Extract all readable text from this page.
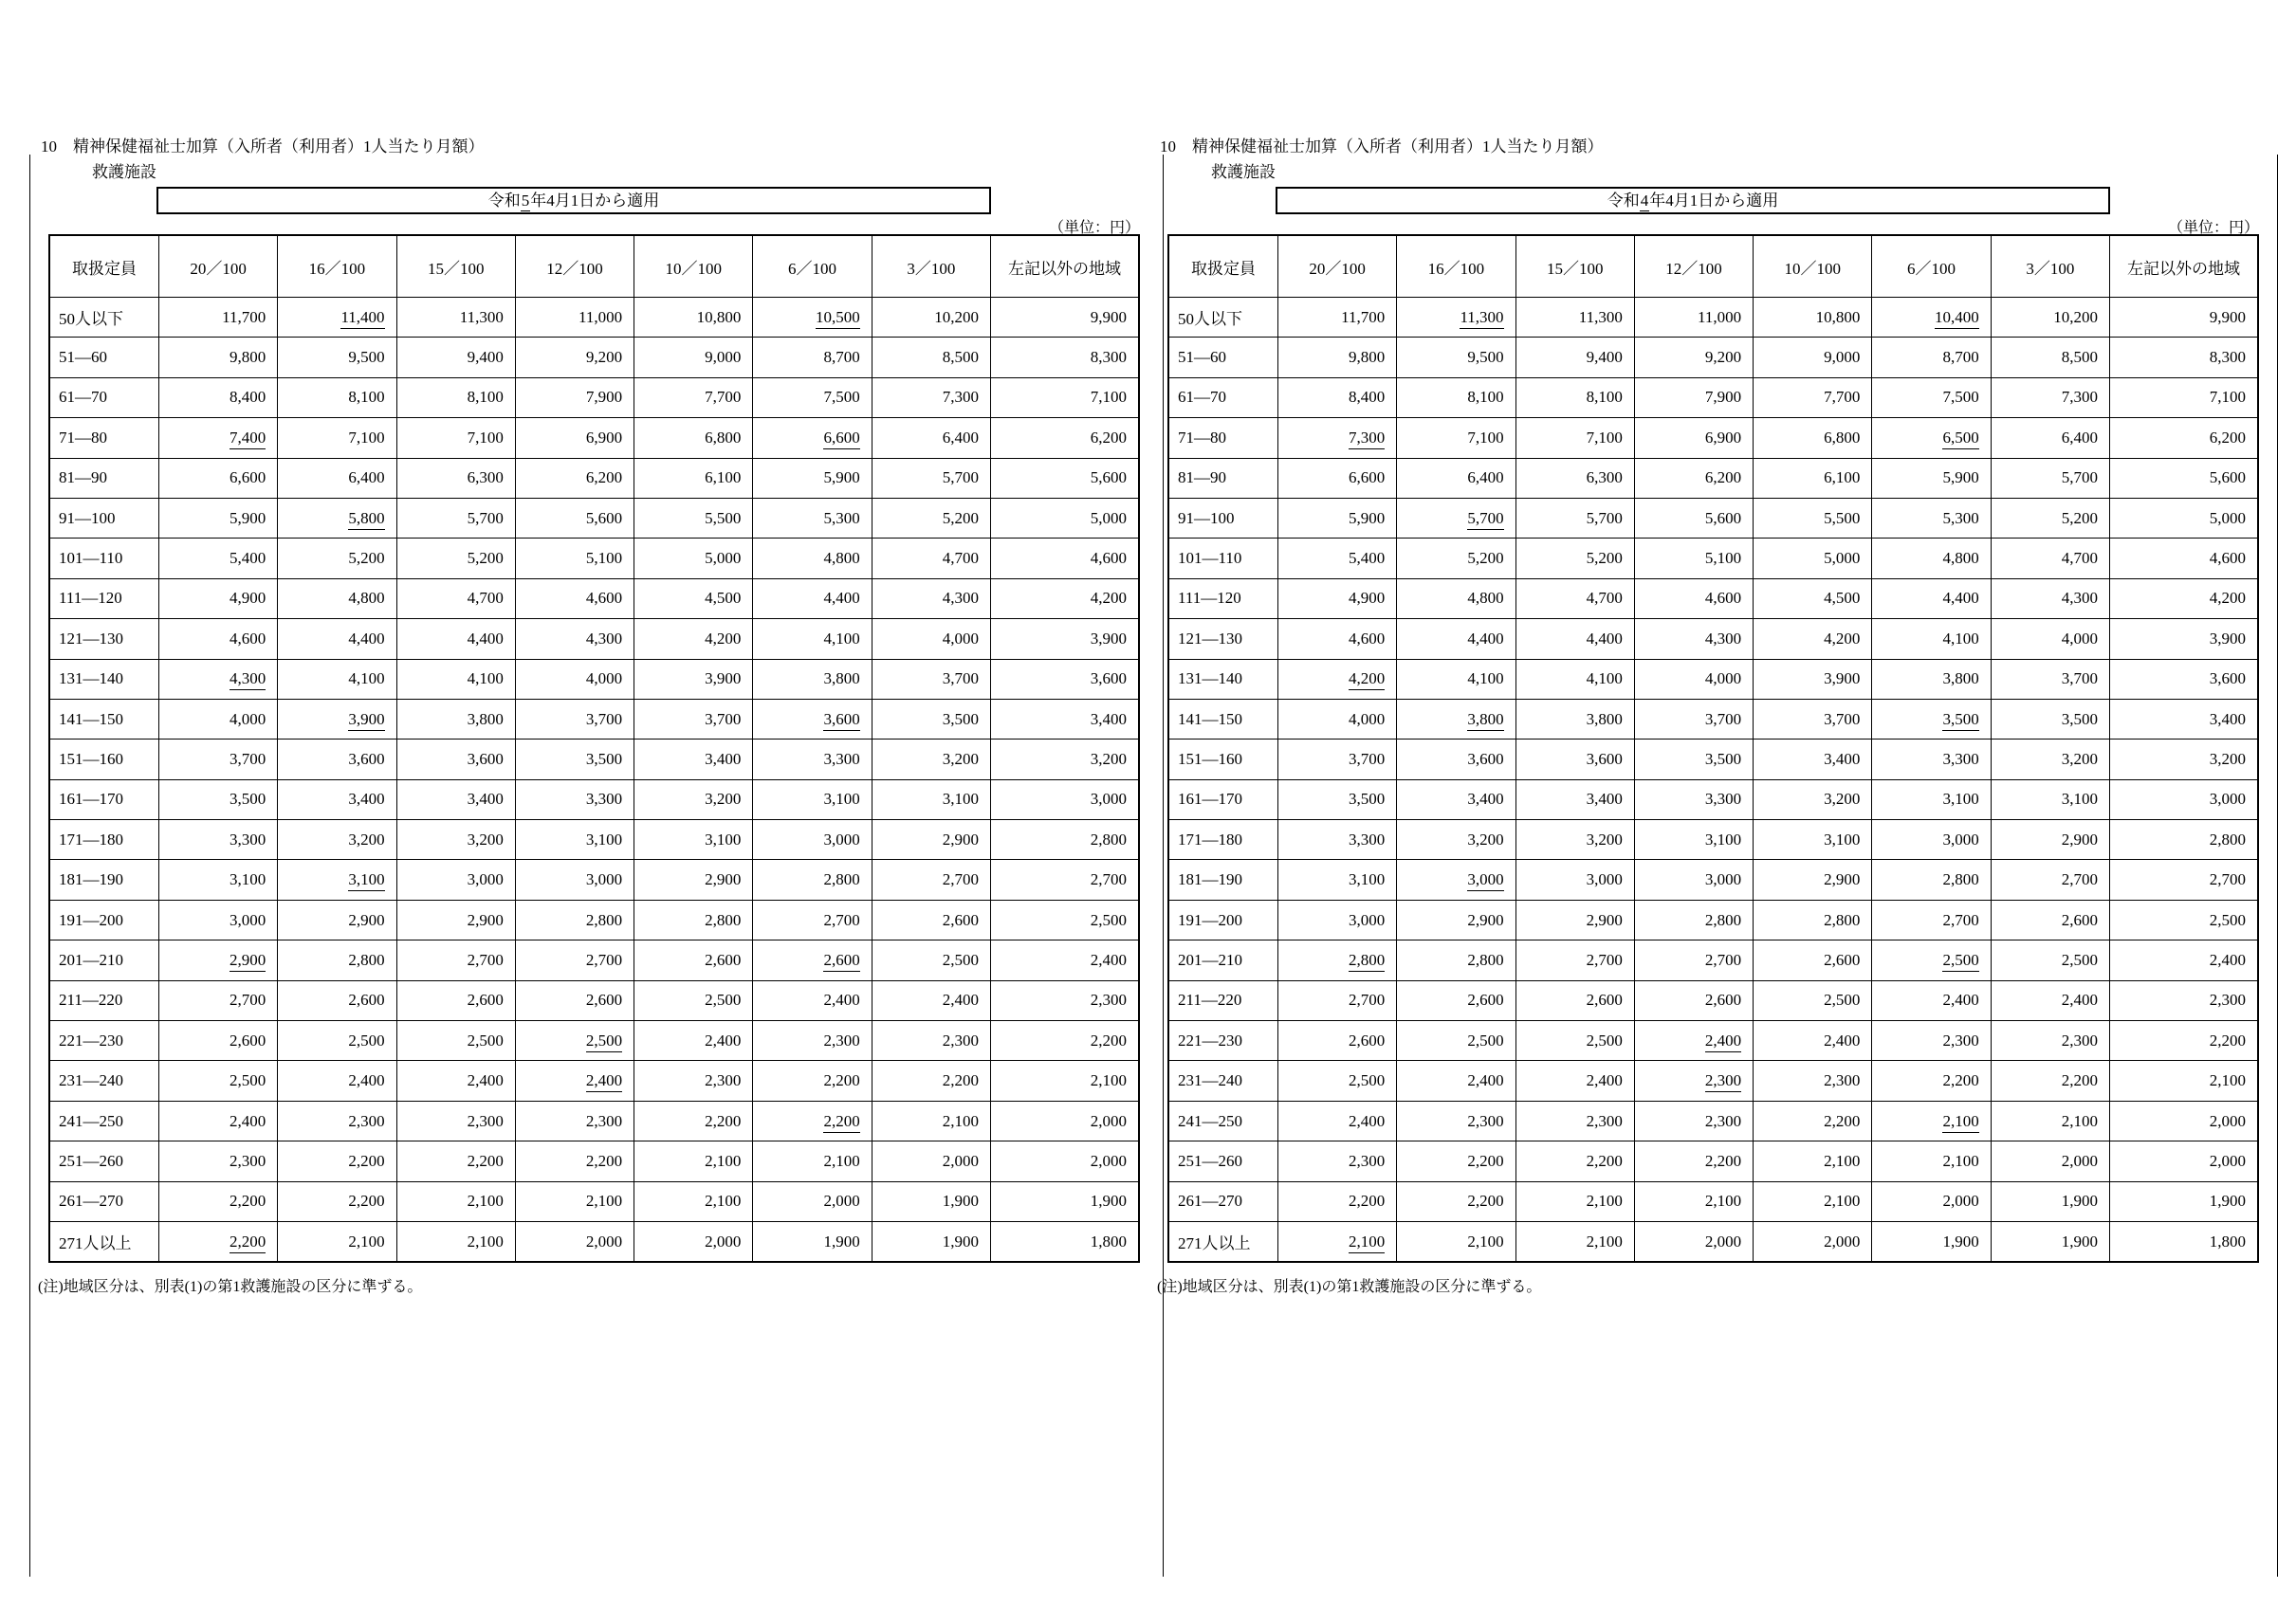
10　精神保健福祉士加算（入所者（利用者）1人当たり月額）
救護施設
令和5年4月1日から適用
（単位：円）
取扱定員	20／100	16／100	15／100	12／100	10／100	6／100	3／100	左記以外の地域
50人以下	11,700	11,400	11,300	11,000	10,800	10,500	10,200	9,900
51—60	9,800	9,500	9,400	9,200	9,000	8,700	8,500	8,300
61—70	8,400	8,100	8,100	7,900	7,700	7,500	7,300	7,100
71—80	7,400	7,100	7,100	6,900	6,800	6,600	6,400	6,200
81—90	6,600	6,400	6,300	6,200	6,100	5,900	5,700	5,600
91—100	5,900	5,800	5,700	5,600	5,500	5,300	5,200	5,000
101—110	5,400	5,200	5,200	5,100	5,000	4,800	4,700	4,600
111—120	4,900	4,800	4,700	4,600	4,500	4,400	4,300	4,200
121—130	4,600	4,400	4,400	4,300	4,200	4,100	4,000	3,900
131—140	4,300	4,100	4,100	4,000	3,900	3,800	3,700	3,600
141—150	4,000	3,900	3,800	3,700	3,700	3,600	3,500	3,400
151—160	3,700	3,600	3,600	3,500	3,400	3,300	3,200	3,200
161—170	3,500	3,400	3,400	3,300	3,200	3,100	3,100	3,000
171—180	3,300	3,200	3,200	3,100	3,100	3,000	2,900	2,800
181—190	3,100	3,100	3,000	3,000	2,900	2,800	2,700	2,700
191—200	3,000	2,900	2,900	2,800	2,800	2,700	2,600	2,500
201—210	2,900	2,800	2,700	2,700	2,600	2,600	2,500	2,400
211—220	2,700	2,600	2,600	2,600	2,500	2,400	2,400	2,300
221—230	2,600	2,500	2,500	2,500	2,400	2,300	2,300	2,200
231—240	2,500	2,400	2,400	2,400	2,300	2,200	2,200	2,100
241—250	2,400	2,300	2,300	2,300	2,200	2,200	2,100	2,000
251—260	2,300	2,200	2,200	2,200	2,100	2,100	2,000	2,000
261—270	2,200	2,200	2,100	2,100	2,100	2,000	1,900	1,900
271人以上	2,200	2,100	2,100	2,000	2,000	1,900	1,900	1,800
(注)地域区分は、別表(1)の第1救護施設の区分に準ずる。
10　精神保健福祉士加算（入所者（利用者）1人当たり月額）
救護施設
令和4年4月1日から適用
（単位：円）
取扱定員	20／100	16／100	15／100	12／100	10／100	6／100	3／100	左記以外の地域
50人以下	11,700	11,300	11,300	11,000	10,800	10,400	10,200	9,900
51—60	9,800	9,500	9,400	9,200	9,000	8,700	8,500	8,300
61—70	8,400	8,100	8,100	7,900	7,700	7,500	7,300	7,100
71—80	7,300	7,100	7,100	6,900	6,800	6,500	6,400	6,200
81—90	6,600	6,400	6,300	6,200	6,100	5,900	5,700	5,600
91—100	5,900	5,700	5,700	5,600	5,500	5,300	5,200	5,000
101—110	5,400	5,200	5,200	5,100	5,000	4,800	4,700	4,600
111—120	4,900	4,800	4,700	4,600	4,500	4,400	4,300	4,200
121—130	4,600	4,400	4,400	4,300	4,200	4,100	4,000	3,900
131—140	4,200	4,100	4,100	4,000	3,900	3,800	3,700	3,600
141—150	4,000	3,800	3,800	3,700	3,700	3,500	3,500	3,400
151—160	3,700	3,600	3,600	3,500	3,400	3,300	3,200	3,200
161—170	3,500	3,400	3,400	3,300	3,200	3,100	3,100	3,000
171—180	3,300	3,200	3,200	3,100	3,100	3,000	2,900	2,800
181—190	3,100	3,000	3,000	3,000	2,900	2,800	2,700	2,700
191—200	3,000	2,900	2,900	2,800	2,800	2,700	2,600	2,500
201—210	2,800	2,800	2,700	2,700	2,600	2,500	2,500	2,400
211—220	2,700	2,600	2,600	2,600	2,500	2,400	2,400	2,300
221—230	2,600	2,500	2,500	2,400	2,400	2,300	2,300	2,200
231—240	2,500	2,400	2,400	2,300	2,300	2,200	2,200	2,100
241—250	2,400	2,300	2,300	2,300	2,200	2,100	2,100	2,000
251—260	2,300	2,200	2,200	2,200	2,100	2,100	2,000	2,000
261—270	2,200	2,200	2,100	2,100	2,100	2,000	1,900	1,900
271人以上	2,100	2,100	2,100	2,000	2,000	1,900	1,900	1,800
(注)地域区分は、別表(1)の第1救護施設の区分に準ずる。
